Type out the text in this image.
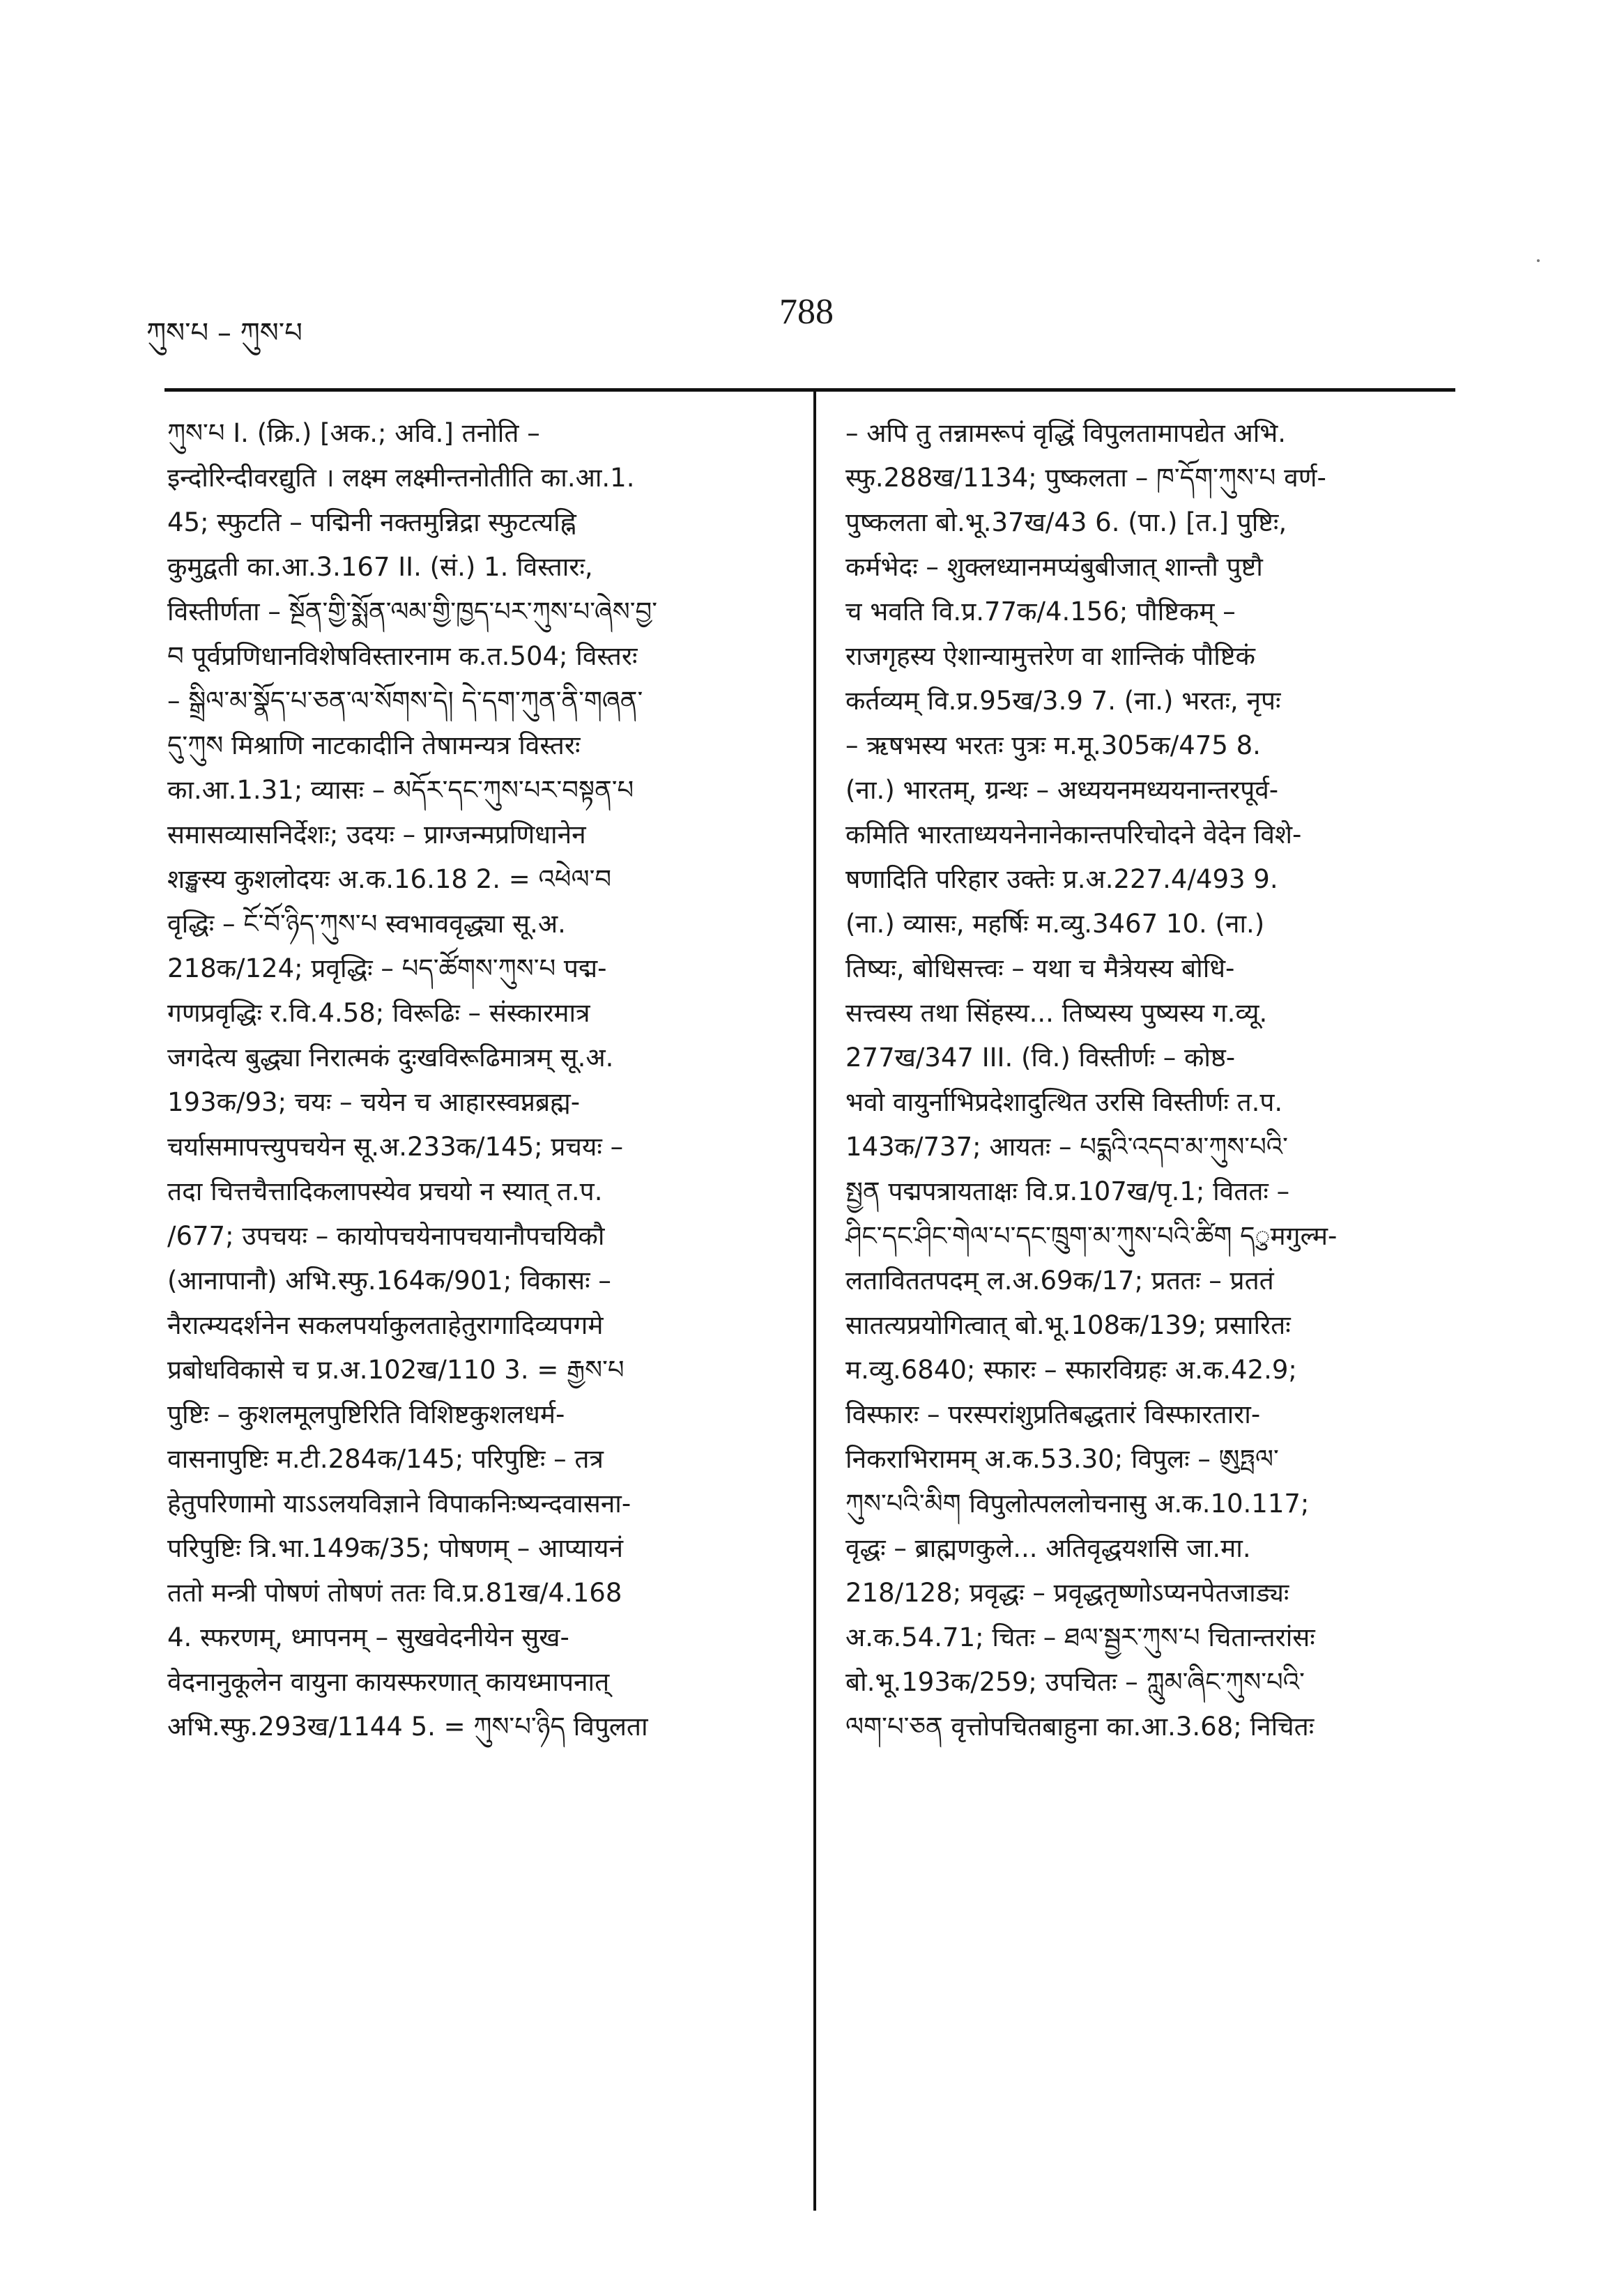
ཀུས་པ – ཀུས་པ
788
ཀུས་པ I. (क्रि.) [अक.; अवि.] तनोति –
इन्दोरिन्दीवरद्युति । लक्ष्म लक्ष्मीन्तनोतीति का.आ.1.
45; स्फुटति – पद्मिनी नक्तमुन्निद्रा स्फुटत्यह्नि
कुमुद्वती का.आ.3.167 II. (सं.) 1. विस्तारः,
विस्तीर्णता – སྔོན་གྱི་སྨོན་ལམ་གྱི་ཁྱད་པར་ཀུས་པ་ཞེས་བྱ་
བ पूर्वप्रणिधानविशेषविस्तारनाम क.त.504; विस्तरः
– སྒྲིལ་མ་སྣོད་པ་ཅན་ལ་སོགས་དེ། དེ་དག་ཀུན་ནི་གཞན་
དུ་ཀུས मिश्राणि नाटकादीनि तेषामन्यत्र विस्तरः
का.आ.1.31; व्यासः – མདོར་དང་ཀུས་པར་བསྟན་པ
समासव्यासनिर्देशः; उदयः – प्राग्जन्मप्रणिधानेन
शङ्खस्य कुशलोदयः अ.क.16.18 2. = འཕེལ་བ
वृद्धिः – ངོ་བོ་ཉིད་ཀུས་པ स्वभाववृद्ध्या सू.अ.
218क/124; प्रवृद्धिः – པད་ཚོགས་ཀུས་པ पद्म-
गणप्रवृद्धिः र.वि.4.58; विरूढिः – संस्कारमात्र
जगदेत्य बुद्ध्या निरात्मकं दुःखविरूढिमात्रम् सू.अ.
193क/93; चयः – चयेन च आहारस्वप्नब्रह्म-
चर्यासमापत्त्युपचयेन सू.अ.233क/145; प्रचयः –
तदा चित्तचैत्तादिकलापस्येव प्रचयो न स्यात् त.प.
/677; उपचयः – कायोपचयेनापचयानौपचयिकौ
(आनापानौ) अभि.स्फु.164क/901; विकासः –
नैरात्म्यदर्शनेन सकलपर्याकुलताहेतुरागादिव्यपगमे
प्रबोधविकासे च प्र.अ.102ख/110 3. = རྒྱས་པ
पुष्टिः – कुशलमूलपुष्टिरिति विशिष्टकुशलधर्म-
वासनापुष्टिः म.टी.284क/145; परिपुष्टिः – तत्र
हेतुपरिणामो याऽऽलयविज्ञाने विपाकनिःष्यन्दवासना-
परिपुष्टिः त्रि.भा.149क/35; पोषणम् – आप्यायनं
ततो मन्त्री पोषणं तोषणं ततः वि.प्र.81ख/4.168
4. स्फरणम्, ध्मापनम् – सुखवेदनीयेन सुख-
वेदनानुकूलेन वायुना कायस्फरणात् कायध्मापनात्
अभि.स्फु.293ख/1144 5. = ཀུས་པ་ཉིད विपुलता
– अपि तु तन्नामरूपं वृद्धिं विपुलतामापद्येत अभि.
स्फु.288ख/1134; पुष्कलता – ཁ་དོག་ཀུས་པ वर्ण-
पुष्कलता बो.भू.37ख/43 6. (पा.) [त.] पुष्टिः,
कर्मभेदः – शुक्लध्यानमप्यंबुबीजात् शान्तौ पुष्टौ
च भवति वि.प्र.77क/4.156; पौष्टिकम् –
राजगृहस्य ऐशान्यामुत्तरेण वा शान्तिकं पौष्टिकं
कर्तव्यम् वि.प्र.95ख/3.9 7. (ना.) भरतः, नृपः
– ऋषभस्य भरतः पुत्रः म.मू.305क/475 8.
(ना.) भारतम्, ग्रन्थः – अध्ययनमध्ययनान्तरपूर्व-
कमिति भारताध्ययनेनानेकान्तपरिचोदने वेदेन विशे-
षणादिति परिहार उक्तेः प्र.अ.227.4/493 9.
(ना.) व्यासः, महर्षिः म.व्यु.3467 10. (ना.)
तिष्यः, बोधिसत्त्वः – यथा च मैत्रेयस्य बोधि-
सत्त्वस्य तथा सिंहस्य... तिष्यस्य पुष्यस्य ग.व्यू.
277ख/347 III. (वि.) विस्तीर्णः – कोष्ठ-
भवो वायुर्नाभिप्रदेशादुत्थित उरसि विस्तीर्णः त.प.
143क/737; आयतः – པདྨའི་འདབ་མ་ཀུས་པའི་
སྤྱན पद्मपत्रायताक्षः वि.प्र.107ख/पृ.1; विततः –
ཤིང་དང་ཤིང་གེལ་པ་དང་ཁྲུག་མ་ཀུས་པའི་ཚིག དुमगुल्म-
लताविततपदम् ल.अ.69क/17; प्रततः – प्रततं
सातत्यप्रयोगित्वात् बो.भू.108क/139; प्रसारितः
म.व्यु.6840; स्फारः – स्फारविग्रहः अ.क.42.9;
विस्फारः – परस्परांशुप्रतिबद्धतारं विस्फारतारा-
निकराभिरामम् अ.क.53.30; विपुलः – ཨུཏྤལ་
ཀུས་པའི་མིག विपुलोत्पललोचनासु अ.क.10.117;
वृद्धः – ब्राह्मणकुले... अतिवृद्धयशसि जा.मा.
218/128; प्रवृद्धः – प्रवृद्धतृष्णोऽप्यनपेतजाड्यः
अ.क.54.71; चितः – ཐལ་སྦྱར་ཀུས་པ चितान्तरांसः
बो.भू.193क/259; उपचितः – ཀླུམ་ཞིང་ཀུས་པའི་
ལག་པ་ཅན वृत्तोपचितबाहुना का.आ.3.68; निचितः
